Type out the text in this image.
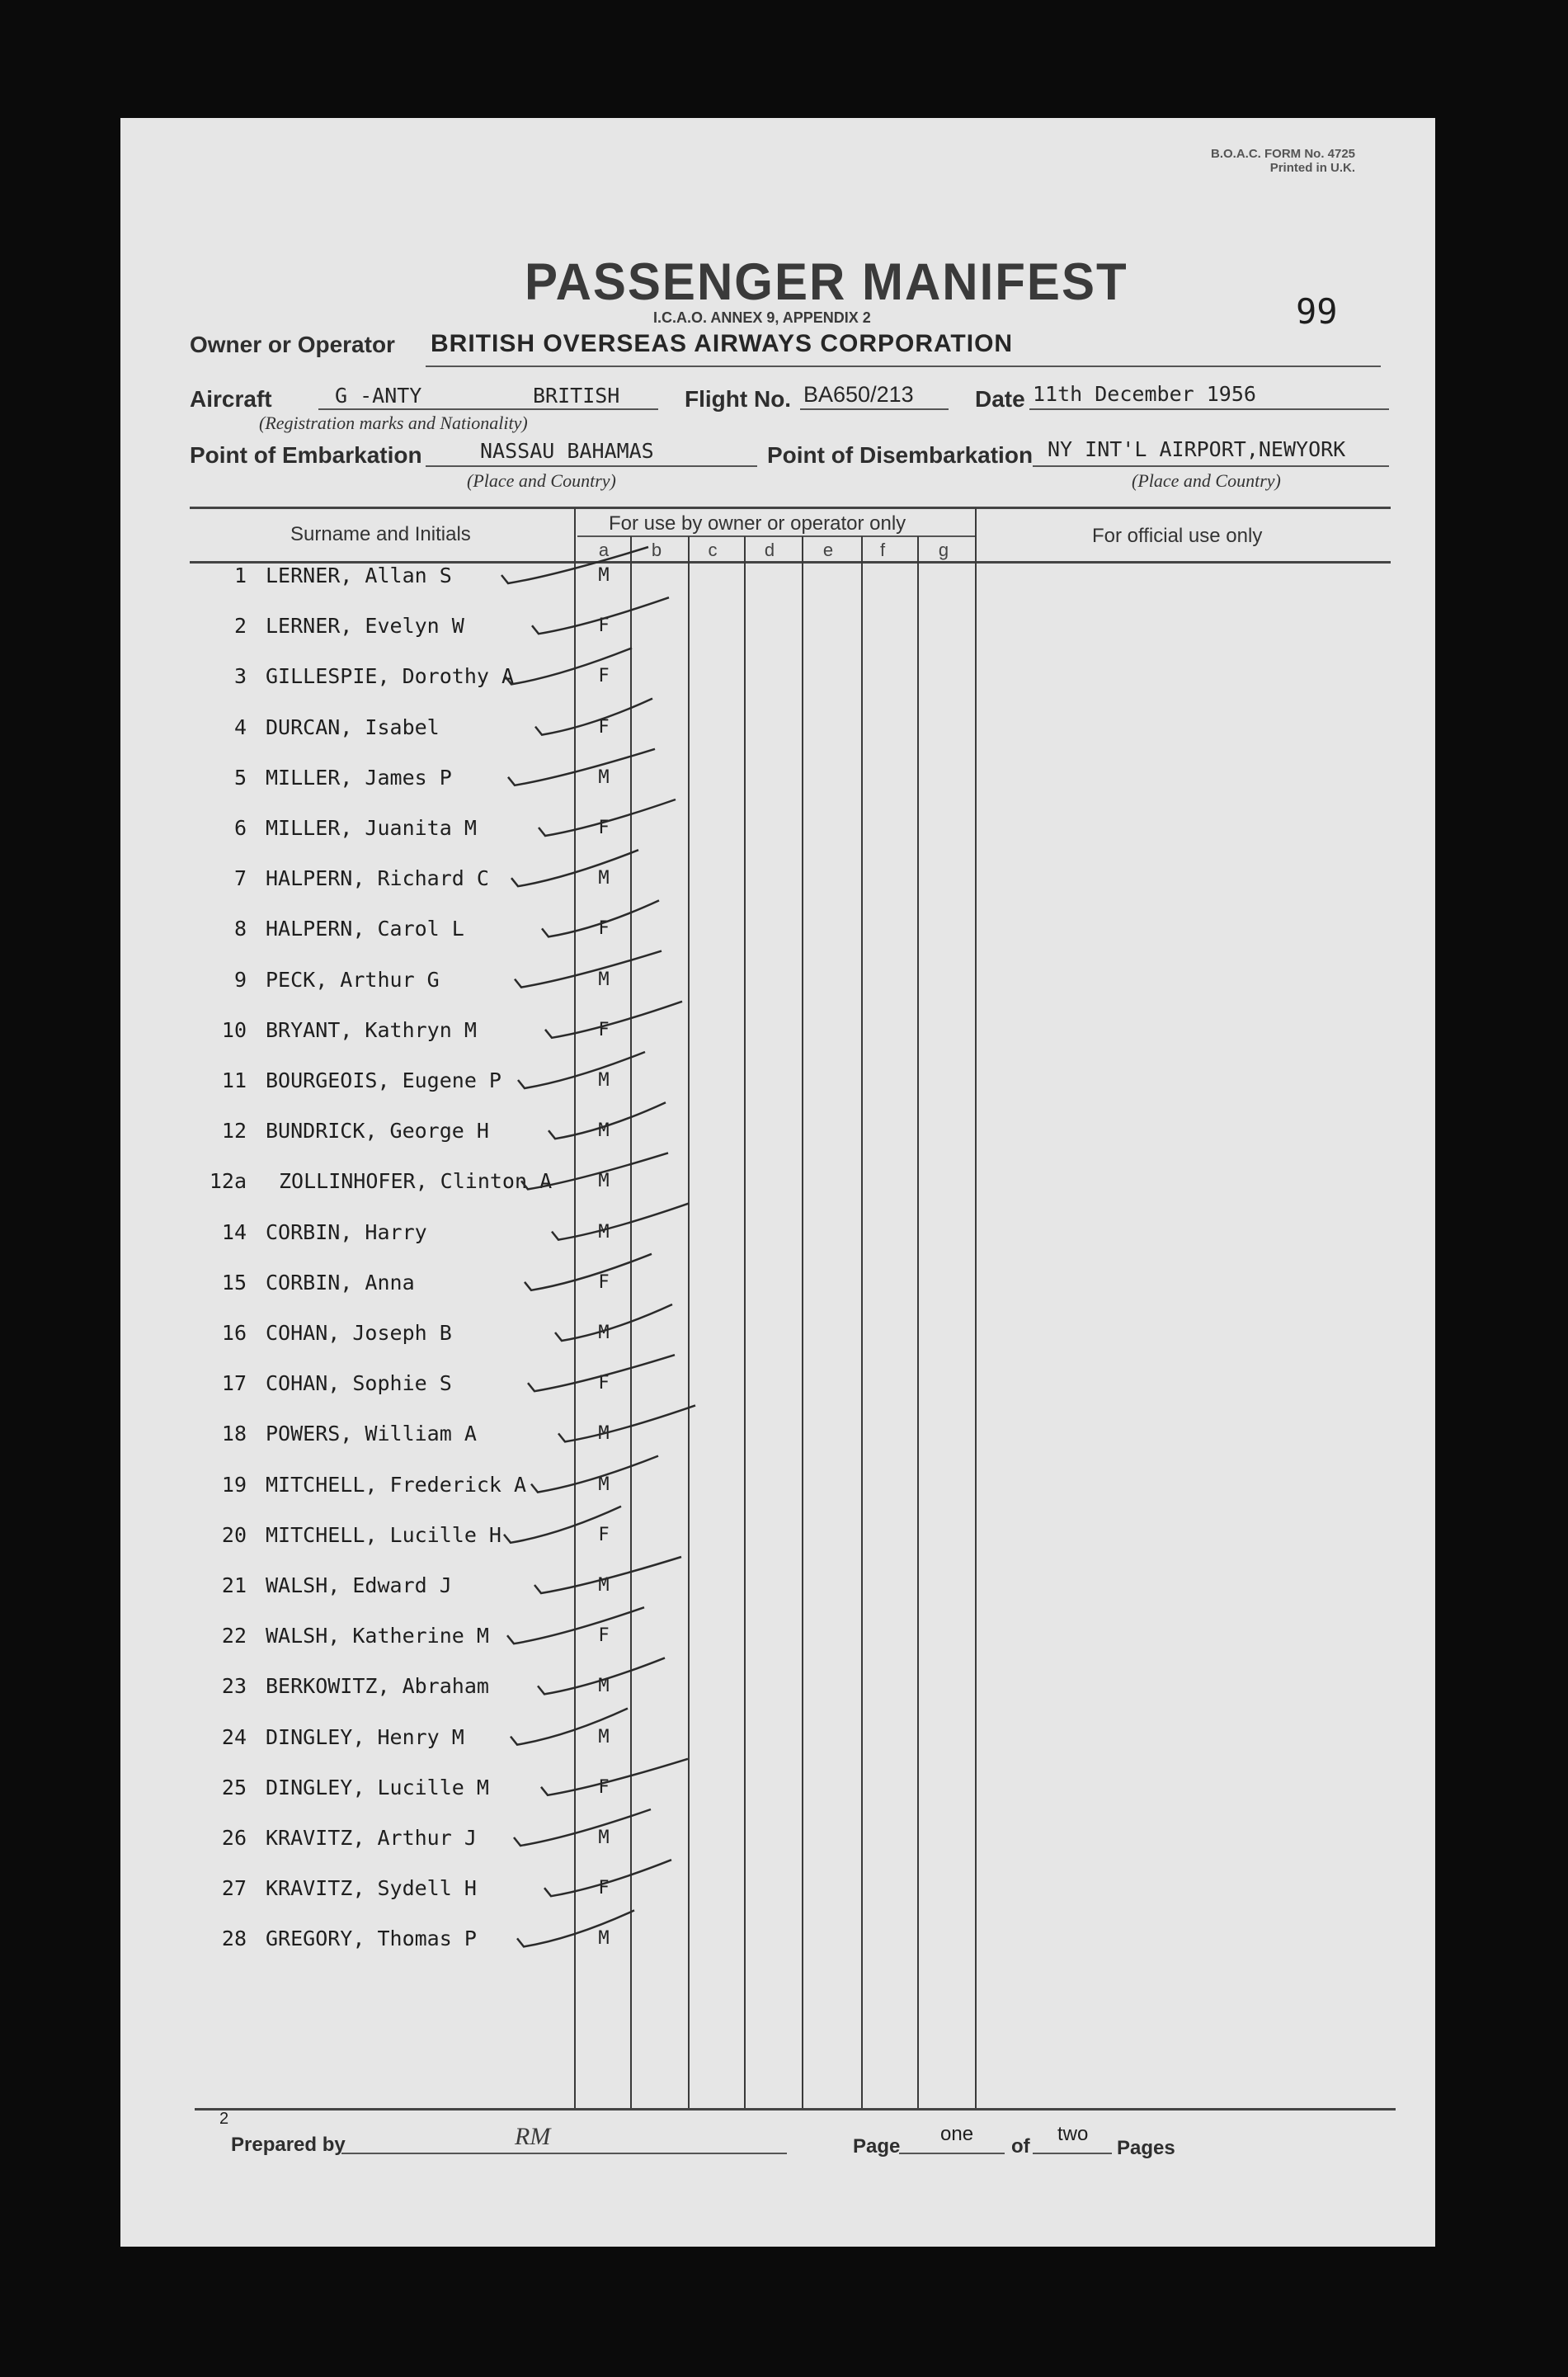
B.O.A.C. FORM No. 4725
Printed in U.K.
99
PASSENGER MANIFEST
I.C.A.O. ANNEX 9, APPENDIX 2
Owner or Operator BRITISH OVERSEAS AIRWAYS CORPORATION
Aircraft	G -ANTY	BRITISH
(Registration marks and Nationality)
Flight No. BA650/213	Date 11th December 1956
Point of Embarkation	NASSAU BAHAMAS
(Place and Country)
Point of Disembarkation NY INT'L AIRPORT,NEWYORK
(Place and Country)
Surname and Initials	For use by owner or operator only
For official use only
a	b	c	d	e	f	g
1 LERNER, Allan S	M
2 LERNER, Evelyn W	F
3 GILLESPIE, Dorothy A	F
4 DURCAN, Isabel	F
5 MILLER, James P	M
6 MILLER, Juanita M	F
7 HALPERN, Richard C	M
8 HALPERN, Carol L	F
9 PECK, Arthur G	M
10 BRYANT, Kathryn M	F
11 BOURGEOIS, Eugene P	M
12 BUNDRICK, George H	M
12a ZOLLINHOFER, Clinton A	M
14 CORBIN, Harry	M
15 CORBIN, Anna	F
16 COHAN, Joseph B	M
17 COHAN, Sophie S	F
18 POWERS, William A	M
19 MITCHELL, Frederick A	M
20 MITCHELL, Lucille H	F
21 WALSH, Edward J	M
22 WALSH, Katherine M	F
23 BERKOWITZ, Abraham	M
24 DINGLEY, Henry M	M
25 DINGLEY, Lucille M	F
26 KRAVITZ, Arthur J	M
27 KRAVITZ, Sydell H	F
28 GREGORY, Thomas P	M
2
Prepared by	RM	Page
one
of
two
Pages
